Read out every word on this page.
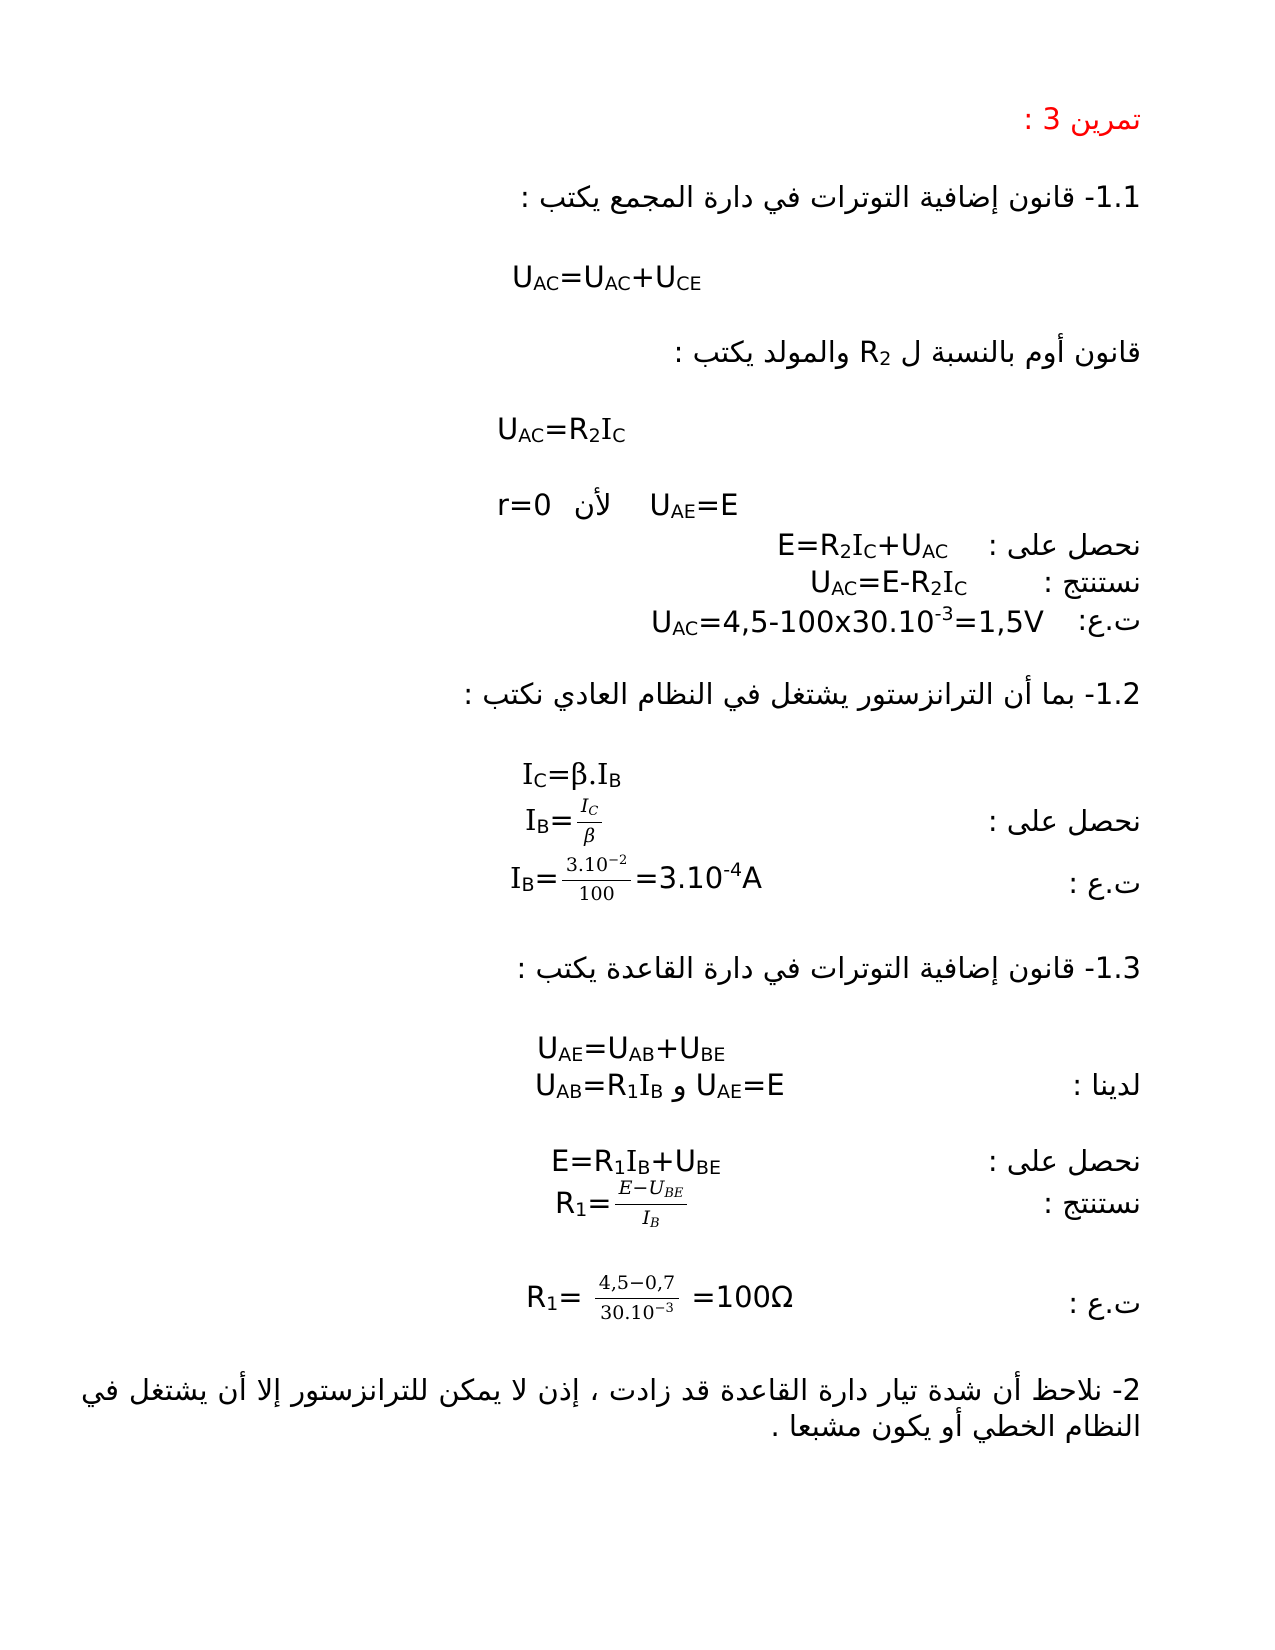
تمرين 3 :
1.1- قانون إضافية التوترات في دارة المجمع يكتب :
$U_{AC}=U_{AC}+U_{CE}$
قانون أوم بالنسبة ل $R_2$ والمولد يكتب :
$U_{AC}=R_2I_C$
r=0 لأن $U_{AE}=E$
نحصل على :
$E=R_2I_C+U_{AC}$
نستنتج :
$U_{AC}=E-R_2I_C$
ت.ع:
$U_{AC}=4,5-100x30.10^{-3}=1,5V$
1.2- بما أن الترانزستور يشتغل في النظام العادي نكتب :
$I_C=\beta.I_B$
نحصل على :
$I_B= \frac{I_C}{\beta}$
ت.ع :
$I_B= \frac{3.10^{-2}}{100} =3.10^{-4}A$
1.3- قانون إضافية التوترات في دارة القاعدة يكتب :
$U_{AE}=U_{AB}+U_{BE}$
لدينا :
$U_{AB}=R_1I_B$ و $U_{AE}=E$
نحصل على :
$E=R_1I_B+U_{BE}$
نستنتج :
$R_1= \frac{E-U_{BE}}{I_B}$
ت.ع :
$R_1= \frac{4,5-0,7}{30.10^{-3}} =100\Omega$
2- نلاحظ أن شدة تيار دارة القاعدة قد زادت ، إذن لا يمكن للترانزستور إلا أن يشتغل في النظام الخطي أو يكون مشبعا .
